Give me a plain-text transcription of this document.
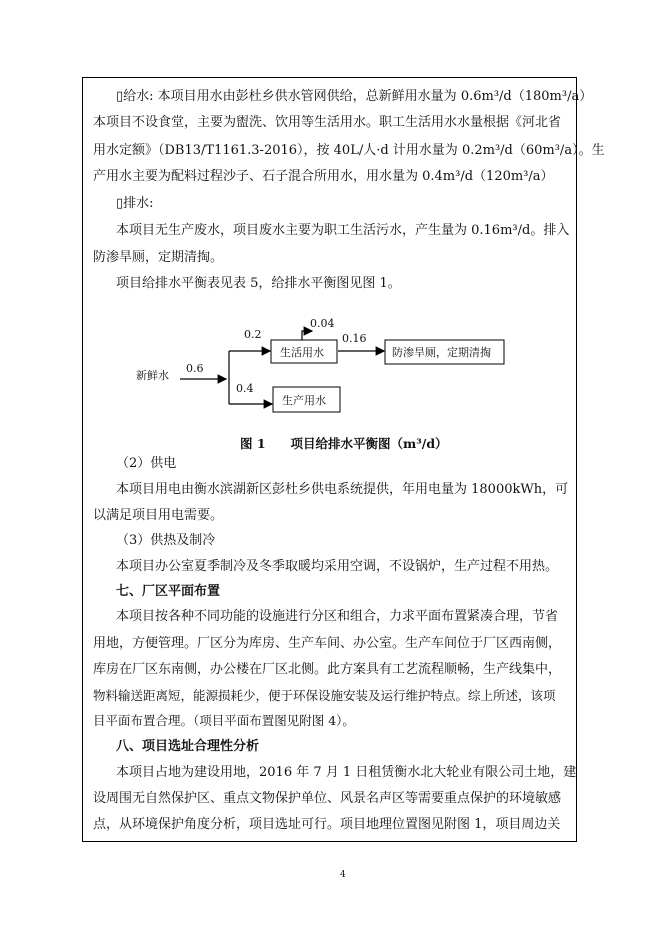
▯给水: 本项目用水由彭杜乡供水管网供给，总新鲜用水量为 0.6m³/d（180m³/a）
本项目不设食堂，主要为盥洗、饮用等生活用水。职工生活用水水量根据《河北省
用水定额》（DB13/T1161.3-2016），按 40L/人·d 计用水量为 0.2m³/d（60m³/a）。生
产用水主要为配料过程沙子、石子混合所用水，用水量为 0.4m³/d（120m³/a）
▯排水:
本项目无生产废水，项目废水主要为职工生活污水，产生量为 0.16m³/d。排入
防渗旱厕，定期清掏。
项目给排水平衡表见表 5，给排水平衡图见图 1。
新鲜水
0.6
0.2
0.04
0.16
0.4
生活用水	防渗旱厕，定期清掏
生产用水
图 1　　项目给排水平衡图（m³/d）
（2）供电
本项目用电由衡水滨湖新区彭杜乡供电系统提供，年用电量为 18000kWh，可
以满足项目用电需要。
（3）供热及制冷
本项目办公室夏季制冷及冬季取暖均采用空调，不设锅炉，生产过程不用热。
七、厂区平面布置
本项目按各种不同功能的设施进行分区和组合，力求平面布置紧凑合理，节省
用地，方便管理。厂区分为库房、生产车间、办公室。生产车间位于厂区西南侧，
库房在厂区东南侧，办公楼在厂区北侧。此方案具有工艺流程顺畅，生产线集中，
物料输送距离短，能源损耗少，便于环保设施安装及运行维护特点。综上所述，该项
目平面布置合理。（项目平面布置图见附图 4）。
八、项目选址合理性分析
本项目占地为建设用地，2016 年 7 月 1 日租赁衡水北大轮业有限公司土地，建
设周围无自然保护区、重点文物保护单位、风景名声区等需要重点保护的环境敏感
点，从环境保护角度分析，项目选址可行。项目地理位置图见附图 1，项目周边关
4
